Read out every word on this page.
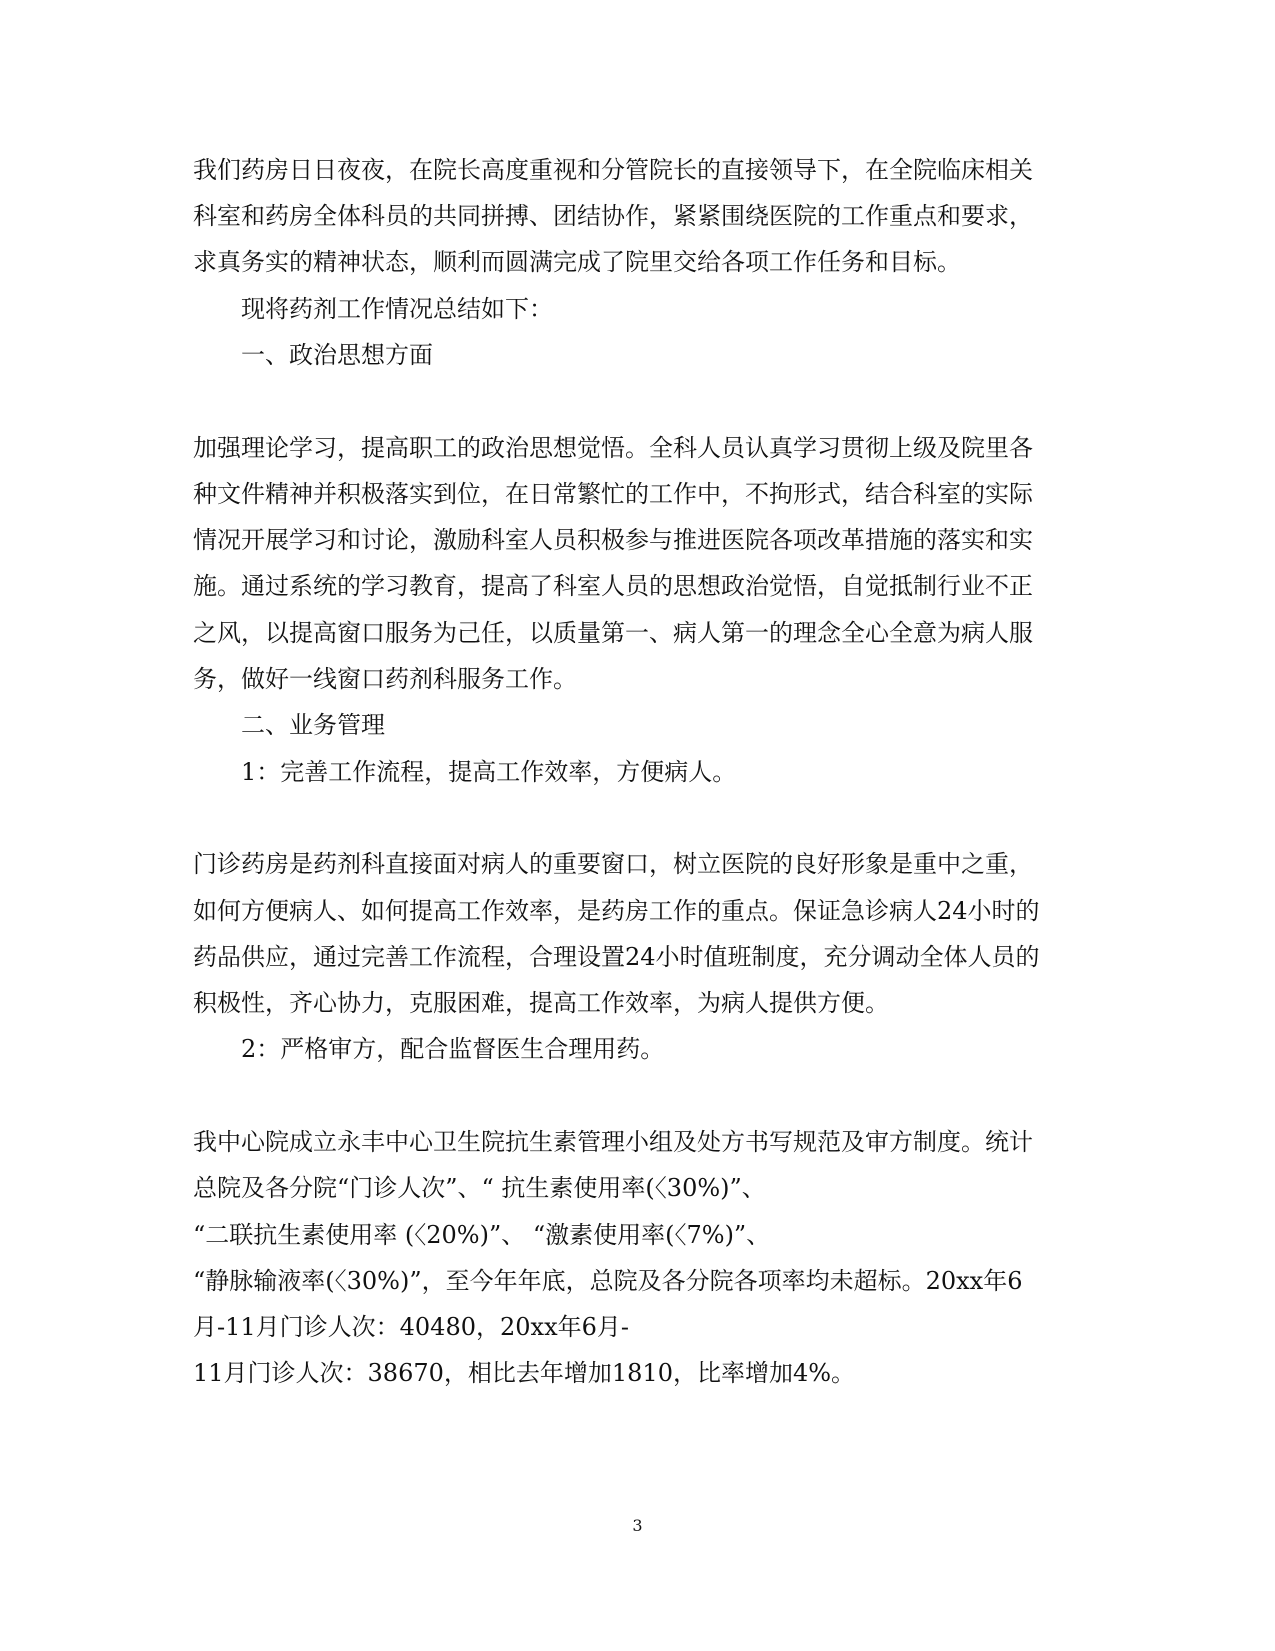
我们药房日日夜夜，在院长高度重视和分管院长的直接领导下，在全院临床相关
科室和药房全体科员的共同拼搏、团结协作，紧紧围绕医院的工作重点和要求，
求真务实的精神状态，顺利而圆满完成了院里交给各项工作任务和目标。
现将药剂工作情况总结如下：
一、政治思想方面
加强理论学习，提高职工的政治思想觉悟。全科人员认真学习贯彻上级及院里各
种文件精神并积极落实到位，在日常繁忙的工作中，不拘形式，结合科室的实际
情况开展学习和讨论，激励科室人员积极参与推进医院各项改革措施的落实和实
施。通过系统的学习教育，提高了科室人员的思想政治觉悟，自觉抵制行业不正
之风，以提高窗口服务为己任，以质量第一、病人第一的理念全心全意为病人服
务，做好一线窗口药剂科服务工作。
二、业务管理
1：完善工作流程，提高工作效率，方便病人。
门诊药房是药剂科直接面对病人的重要窗口，树立医院的良好形象是重中之重，
如何方便病人、如何提高工作效率，是药房工作的重点。保证急诊病人24小时的
药品供应，通过完善工作流程，合理设置24小时值班制度，充分调动全体人员的
积极性，齐心协力，克服困难，提高工作效率，为病人提供方便。
2：严格审方，配合监督医生合理用药。
我中心院成立永丰中心卫生院抗生素管理小组及处方书写规范及审方制度。统计
总院及各分院“门诊人次”、“ 抗生素使用率(〈30%)”、
“二联抗生素使用率 (〈20%)”、 “激素使用率(〈7%)”、
“静脉输液率(〈30%)”，至今年年底，总院及各分院各项率均未超标。20xx年6
月-11月门诊人次：40480，20xx年6月-
11月门诊人次：38670，相比去年增加1810，比率增加4%。
3
